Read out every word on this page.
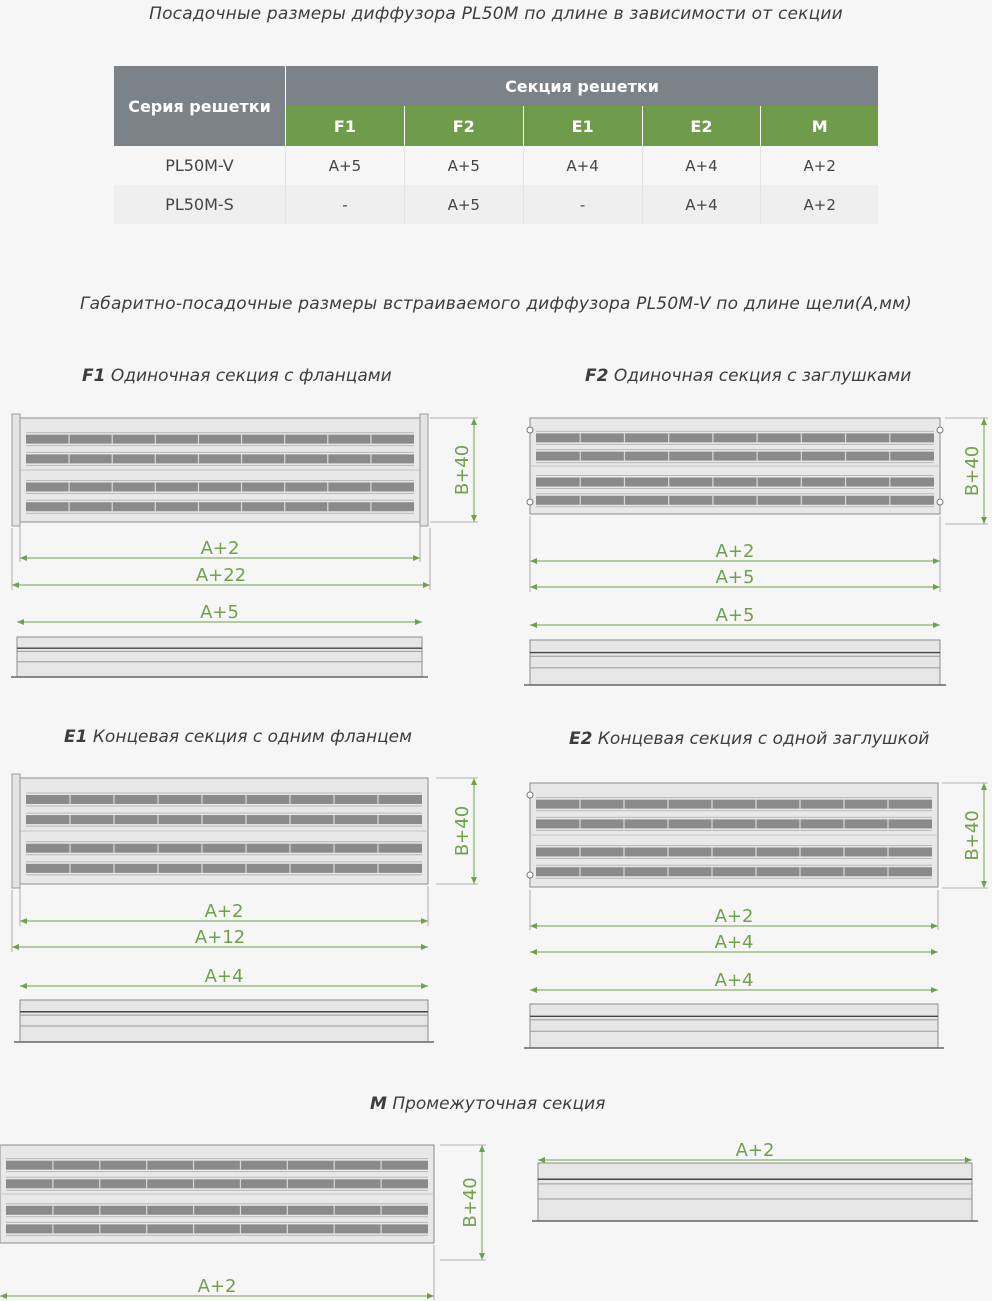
Посадочные размеры диффузора PL50M по длине в зависимости от секции
Серия решетки	Секция решетки				
	F1	F2	E1	E2	M
PL50M-V	A+5	A+5	A+4	A+4	A+2
PL50M-S	-	A+5	-	A+4	A+2
Габаритно-посадочные размеры встраиваемого диффузора PL50M-V по длине щели(А,мм)
F1 Одиночная секция с фланцами	F2 Одиночная секция с заглушками
E1 Концевая секция с одним фланцем	E2 Концевая секция с одной заглушкой
M Промежуточная секция
B+40
A+2
A+22
A+5
B+40
A+2
A+5
A+5
B+40
A+2
A+12
A+4
B+40
A+2
A+4
A+4
B+40
A+2
A+2
